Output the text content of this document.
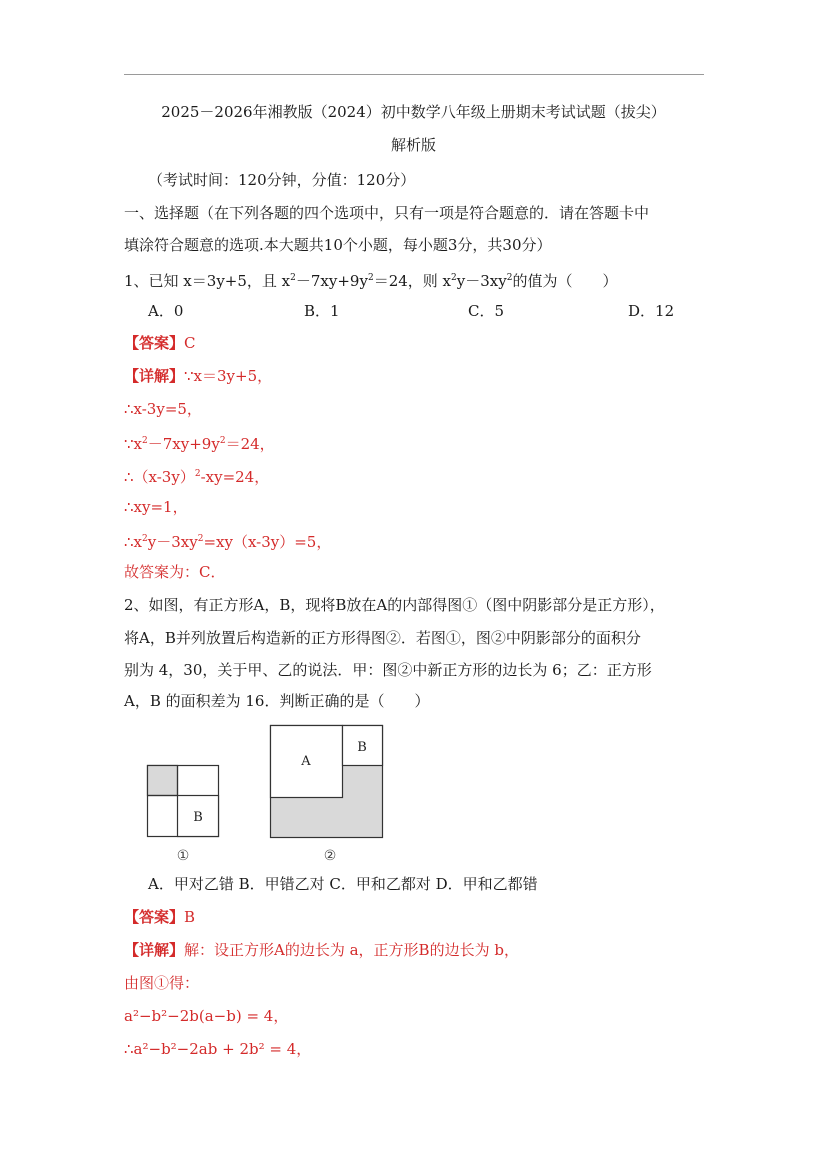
2025－2026年湘教版（2024）初中数学八年级上册期末考试试题（拔尖）
解析版
（考试时间：120分钟，分值：120分）
一、选择题（在下列各题的四个选项中，只有一项是符合题意的．请在答题卡中
填涂符合题意的选项.本大题共10个小题，每小题3分，共30分）
1、已知 x＝3y+5，且 $x^2-7xy+9y^2=24$，则 $x^2y-3xy^2$的值为（　　）
A．0	B．1	C．5	D．12
【答案】C
【详解】∵x＝3y+5，
∴x-3y=5，
$\because x^2-7xy+9y^2=24$，
$\therefore(x-3y)^2-xy=24$，
∴xy=1，
$\therefore x^2y-3xy^2=xy(x-3y)=5$，
故答案为：C．
2、如图，有正方形A，B，现将B放在A的内部得图①（图中阴影部分是正方形），
将A，B并列放置后构造新的正方形得图②．若图①，图②中阴影部分的面积分
别为 4，30，关于甲、乙的说法．甲：图②中新正方形的边长为 6；乙：正方形
A，B 的面积差为 16．判断正确的是（　　）
B
①
A
B
②
A．甲对乙错 B．甲错乙对 C．甲和乙都对 D．甲和乙都错
【答案】B
【详解】解：设正方形A的边长为 a，正方形B的边长为 b，
由图①得：
a²−b²−2b(a−b) = 4，
∴a²−b²−2ab + 2b² = 4，
